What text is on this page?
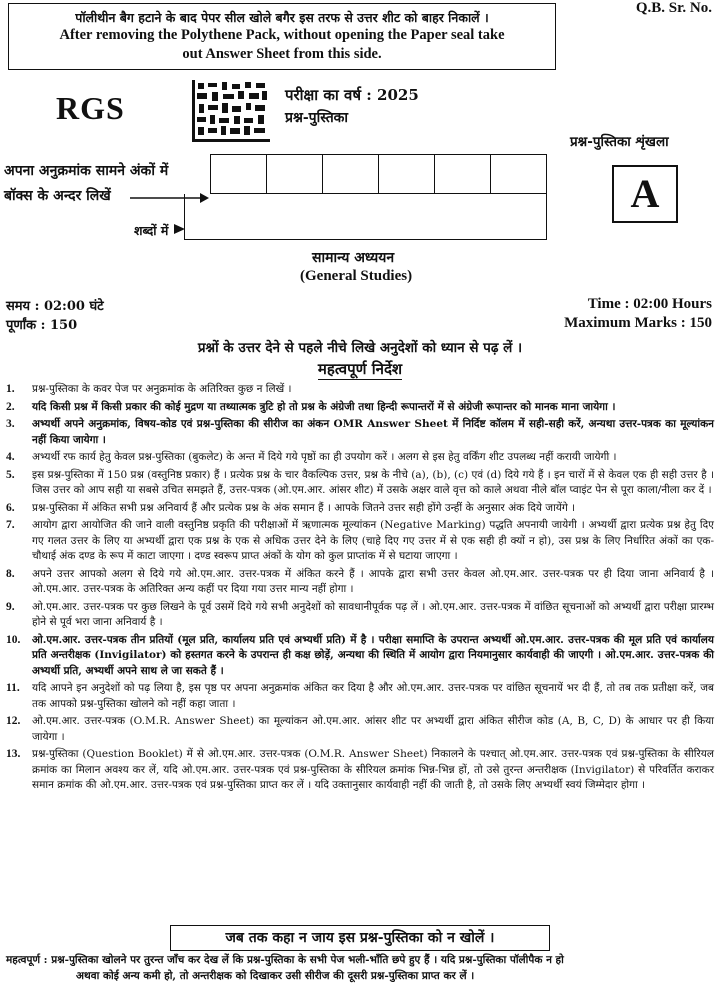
पॉलीथीन बैग हटाने के बाद पेपर सील खोले बगैर इस तरफ से उत्तर शीट को बाहर निकालें ।
After removing the Polythene Pack, without opening the Paper seal take
out Answer Sheet from this side.
Q.B. Sr. No.
RGS	परीक्षा का वर्ष : 2025
प्रश्न-पुस्तिका
प्रश्न-पुस्तिका शृंखला
A
अपना अनुक्रमांक सामने अंकों में
बॉक्स के अन्दर लिखें
शब्दों में
सामान्य अध्ययन
(General Studies)
समय : 02:00 घंटे
पूर्णांक : 150
Time : 02:00 Hours
Maximum Marks : 150
प्रश्नों के उत्तर देने से पहले नीचे लिखे अनुदेशों को ध्यान से पढ़ लें ।
महत्वपूर्ण निर्देश
1.	प्रश्न-पुस्तिका के कवर पेज पर अनुक्रमांक के अतिरिक्त कुछ न लिखें ।
2.	यदि किसी प्रश्न में किसी प्रकार की कोई मुद्रण या तथ्यात्मक त्रुटि हो तो प्रश्न के अंग्रेजी तथा हिन्दी रूपान्तरों में से अंग्रेजी रूपान्तर को मानक माना जायेगा ।
3.	अभ्यर्थी अपने अनुक्रमांक, विषय-कोड एवं प्रश्न-पुस्तिका की सीरीज का अंकन OMR Answer Sheet में निर्दिष्ट कॉलम में सही-सही करें, अन्यथा उत्तर-पत्रक का मूल्यांकन नहीं किया जायेगा ।
4.	अभ्यर्थी रफ कार्य हेतु केवल प्रश्न-पुस्तिका (बुकलेट) के अन्त में दिये गये पृष्ठों का ही उपयोग करें । अलग से इस हेतु वर्किंग शीट उपलब्ध नहीं करायी जायेगी ।
5.	इस प्रश्न-पुस्तिका में 150 प्रश्न (वस्तुनिष्ठ प्रकार) हैं । प्रत्येक प्रश्न के चार वैकल्पिक उत्तर, प्रश्न के नीचे (a), (b), (c) एवं (d) दिये गये हैं । इन चारों में से केवल एक ही सही उत्तर है । जिस उत्तर को आप सही या सबसे उचित समझते हैं, उत्तर-पत्रक (ओ.एम.आर. आंसर शीट) में उसके अक्षर वाले वृत्त को काले अथवा नीले बॉल प्वाइंट पेन से पूरा काला/नीला कर दें ।
6.	प्रश्न-पुस्तिका में अंकित सभी प्रश्न अनिवार्य हैं और प्रत्येक प्रश्न के अंक समान हैं । आपके जितने उत्तर सही होंगे उन्हीं के अनुसार अंक दिये जायेंगे ।
7.	आयोग द्वारा आयोजित की जाने वाली वस्तुनिष्ठ प्रकृति की परीक्षाओं में ऋणात्मक मूल्यांकन (Negative Marking) पद्धति अपनायी जायेगी । अभ्यर्थी द्वारा प्रत्येक प्रश्न हेतु दिए गए गलत उत्तर के लिए या अभ्यर्थी द्वारा एक प्रश्न के एक से अधिक उत्तर देने के लिए (चाहे दिए गए उत्तर में से एक सही ही क्यों न हो), उस प्रश्न के लिए निर्धारित अंकों का एक-चौथाई अंक दण्ड के रूप में काटा जाएगा । दण्ड स्वरूप प्राप्त अंकों के योग को कुल प्राप्तांक में से घटाया जाएगा ।
8.	अपने उत्तर आपको अलग से दिये गये ओ.एम.आर. उत्तर-पत्रक में अंकित करने हैं । आपके द्वारा सभी उत्तर केवल ओ.एम.आर. उत्तर-पत्रक पर ही दिया जाना अनिवार्य है । ओ.एम.आर. उत्तर-पत्रक के अतिरिक्त अन्य कहीं पर दिया गया उत्तर मान्य नहीं होगा ।
9.	ओ.एम.आर. उत्तर-पत्रक पर कुछ लिखने के पूर्व उसमें दिये गये सभी अनुदेशों को सावधानीपूर्वक पढ़ लें । ओ.एम.आर. उत्तर-पत्रक में वांछित सूचनाओं को अभ्यर्थी द्वारा परीक्षा प्रारम्भ होने से पूर्व भरा जाना अनिवार्य है ।
10.	ओ.एम.आर. उत्तर-पत्रक तीन प्रतियों (मूल प्रति, कार्यालय प्रति एवं अभ्यर्थी प्रति) में है । परीक्षा समाप्ति के उपरान्त अभ्यर्थी ओ.एम.आर. उत्तर-पत्रक की मूल प्रति एवं कार्यालय प्रति अन्तरीक्षक (Invigilator) को हस्तगत करने के उपरान्त ही कक्ष छोड़ें, अन्यथा की स्थिति में आयोग द्वारा नियमानुसार कार्यवाही की जाएगी । ओ.एम.आर. उत्तर-पत्रक की अभ्यर्थी प्रति, अभ्यर्थी अपने साथ ले जा सकते हैं ।
11.	यदि आपने इन अनुदेशों को पढ़ लिया है, इस पृष्ठ पर अपना अनुक्रमांक अंकित कर दिया है और ओ.एम.आर. उत्तर-पत्रक पर वांछित सूचनायें भर दी हैं, तो तब तक प्रतीक्षा करें, जब तक आपको प्रश्न-पुस्तिका खोलने को नहीं कहा जाता ।
12.	ओ.एम.आर. उत्तर-पत्रक (O.M.R. Answer Sheet) का मूल्यांकन ओ.एम.आर. आंसर शीट पर अभ्यर्थी द्वारा अंकित सीरीज कोड (A, B, C, D) के आधार पर ही किया जायेगा ।
13.	प्रश्न-पुस्तिका (Question Booklet) में से ओ.एम.आर. उत्तर-पत्रक (O.M.R. Answer Sheet) निकालने के पश्चात् ओ.एम.आर. उत्तर-पत्रक एवं प्रश्न-पुस्तिका के सीरियल क्रमांक का मिलान अवश्य कर लें, यदि ओ.एम.आर. उत्तर-पत्रक एवं प्रश्न-पुस्तिका के सीरियल क्रमांक भिन्न-भिन्न हों, तो उसे तुरन्त अन्तरीक्षक (Invigilator) से परिवर्तित कराकर समान क्रमांक की ओ.एम.आर. उत्तर-पत्रक एवं प्रश्न-पुस्तिका प्राप्त कर लें । यदि उक्तानुसार कार्यवाही नहीं की जाती है, तो उसके लिए अभ्यर्थी स्वयं जिम्मेदार होगा ।
जब तक कहा न जाय इस प्रश्न-पुस्तिका को न खोलें ।
महत्वपूर्ण : प्रश्न-पुस्तिका खोलने पर तुरन्त जाँच कर देख लें कि प्रश्न-पुस्तिका के सभी पेज भली-भाँति छपे हुए हैं । यदि प्रश्न-पुस्तिका पॉलीपैक न हो
अथवा कोई अन्य कमी हो, तो अन्तरीक्षक को दिखाकर उसी सीरीज की दूसरी प्रश्न-पुस्तिका प्राप्त कर लें ।
